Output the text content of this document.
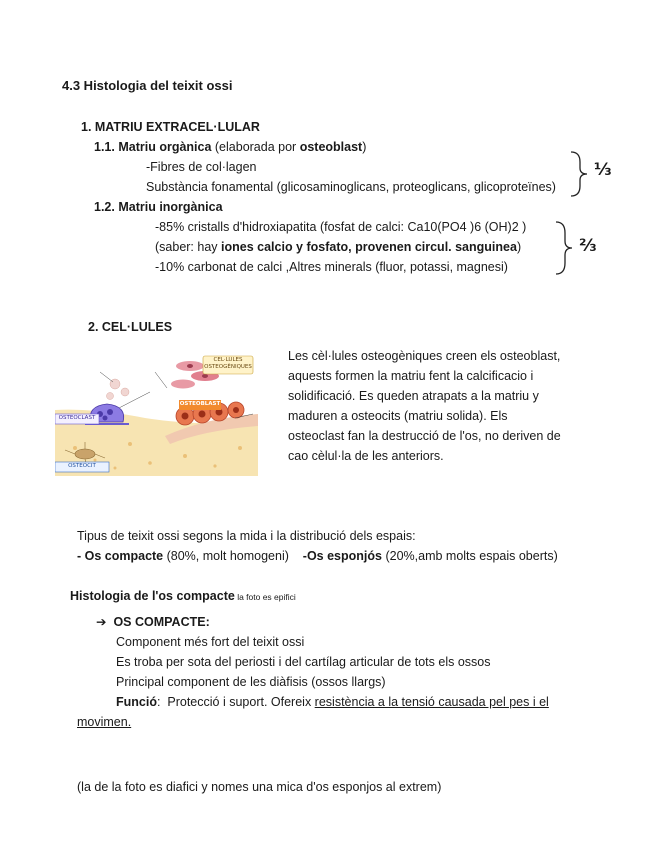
4.3 Histologia del teixit ossi
1. MATRIU EXTRACEL·LULAR
1.1. Matriu orgànica (elaborada por osteoblast)
-Fibres de col·lagen
Substància fonamental (glicosaminoglicans, proteoglicans, glicoproteïnes)
⅓
1.2. Matriu inorgànica
-85% cristalls d'hidroxiapatita (fosfat de calci: Ca10(PO4 )6 (OH)2 )
(saber: hay iones calcio y fosfato, provenen circul. sanguinea)
-10% carbonat de calci ,Altres minerals (fluor, potassi, magnesi)
⅔
2. CEL·LULES
CÈL·LULES OSTEOGÈNIQUES
OSTEOBLAST
OSTEOCLAST
OSTEÒCIT
Les cèl·lules osteogèniques creen els osteoblast,
aquests formen la matriu fent la calcificacio i
solidificació. Es queden atrapats a la matriu y
maduren a osteocits (matriu solida). Els
osteoclast fan la destrucció de l'os, no deriven de
cao cèlul·la de les anteriors.
Tipus de teixit ossi segons la mida i la distribució dels espais:
- Os compacte (80%, molt homogeni)    -Os esponjós (20%,amb molts espais oberts)
Histologia de l'os compacte la foto es epifici
➔ OS COMPACTE:
Component més fort del teixit ossi
Es troba per sota del periosti i del cartílag articular de tots els ossos
Principal component de les diàfisis (ossos llargs)
Funció:  Protecció i suport. Ofereix resistència a la tensió causada pel pes i el
movimen.
(la de la foto es diafici y nomes una mica d'os esponjos al extrem)
